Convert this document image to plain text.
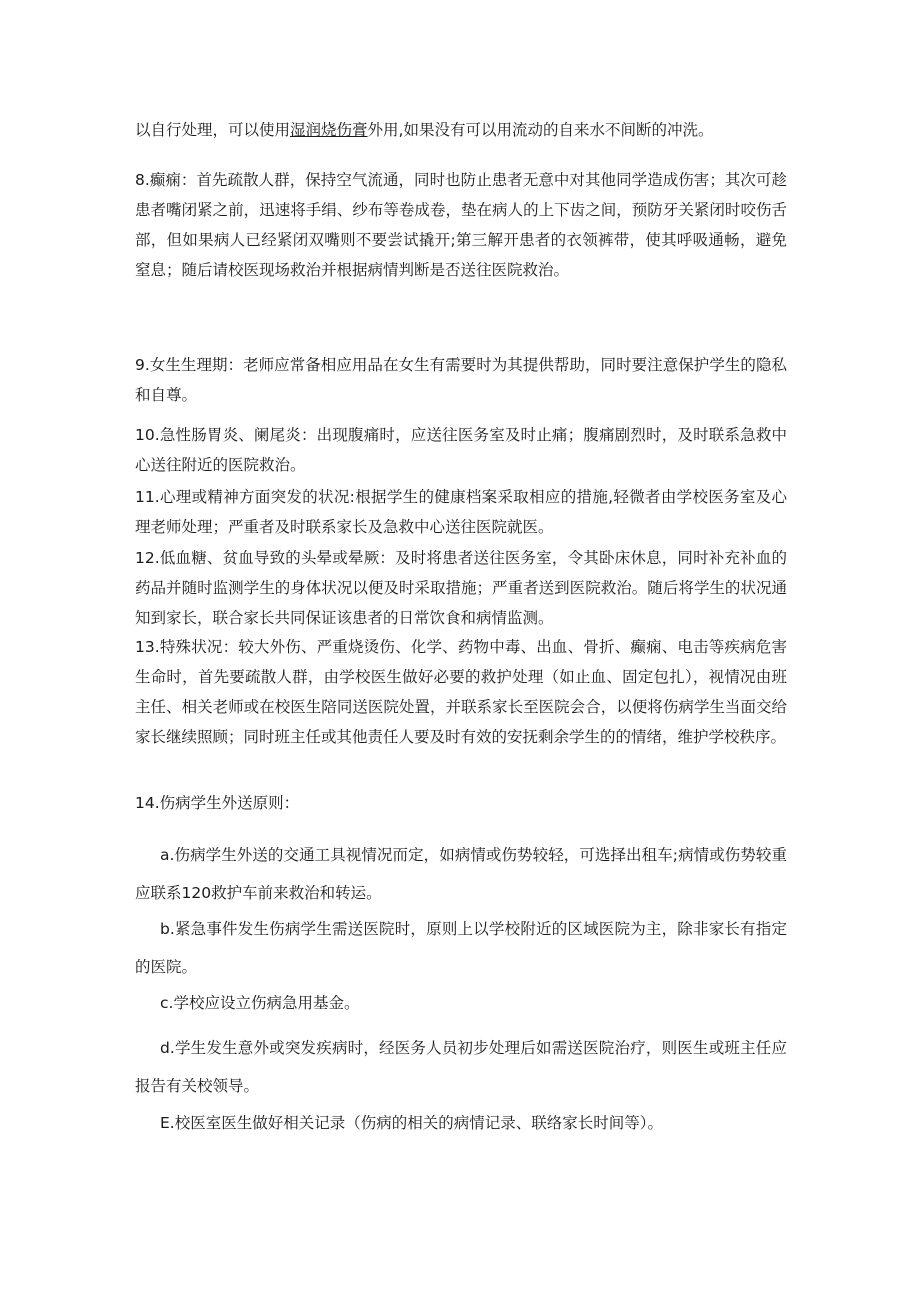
以自行处理，可以使用湿润烧伤膏外用,如果没有可以用流动的自来水不间断的冲洗。

8.癫痫：首先疏散人群，保持空气流通，同时也防止患者无意中对其他同学造成伤害；其次可趁患者嘴闭紧之前，迅速将手绢、纱布等卷成卷，垫在病人的上下齿之间，预防牙关紧闭时咬伤舌部，但如果病人已经紧闭双嘴则不要尝试撬开;第三解开患者的衣领裤带，使其呼吸通畅，避免窒息；随后请校医现场救治并根据病情判断是否送往医院救治。

9.女生生理期：老师应常备相应用品在女生有需要时为其提供帮助，同时要注意保护学生的隐私和自尊。

10.急性肠胃炎、阑尾炎：出现腹痛时，应送往医务室及时止痛；腹痛剧烈时，及时联系急救中心送往附近的医院救治。

11.心理或精神方面突发的状况:根据学生的健康档案采取相应的措施,轻微者由学校医务室及心理老师处理；严重者及时联系家长及急救中心送往医院就医。

12.低血糖、贫血导致的头晕或晕厥：及时将患者送往医务室，令其卧床休息，同时补充补血的药品并随时监测学生的身体状况以便及时采取措施；严重者送到医院救治。随后将学生的状况通知到家长，联合家长共同保证该患者的日常饮食和病情监测。

13.特殊状况：较大外伤、严重烧烫伤、化学、药物中毒、出血、骨折、癫痫、电击等疾病危害生命时，首先要疏散人群，由学校医生做好必要的救护处理（如止血、固定包扎），视情况由班主任、相关老师或在校医生陪同送医院处置，并联系家长至医院会合，以便将伤病学生当面交给家长继续照顾；同时班主任或其他责任人要及时有效的安抚剩余学生的的情绪，维护学校秩序。

14.伤病学生外送原则：

a.伤病学生外送的交通工具视情况而定，如病情或伤势较轻，可选择出租车;病情或伤势较重应联系120救护车前来救治和转运。

b.紧急事件发生伤病学生需送医院时，原则上以学校附近的区域医院为主，除非家长有指定的医院。

c.学校应设立伤病急用基金。

d.学生发生意外或突发疾病时，经医务人员初步处理后如需送医院治疗，则医生或班主任应报告有关校领导。

E.校医室医生做好相关记录（伤病的相关的病情记录、联络家长时间等）。
